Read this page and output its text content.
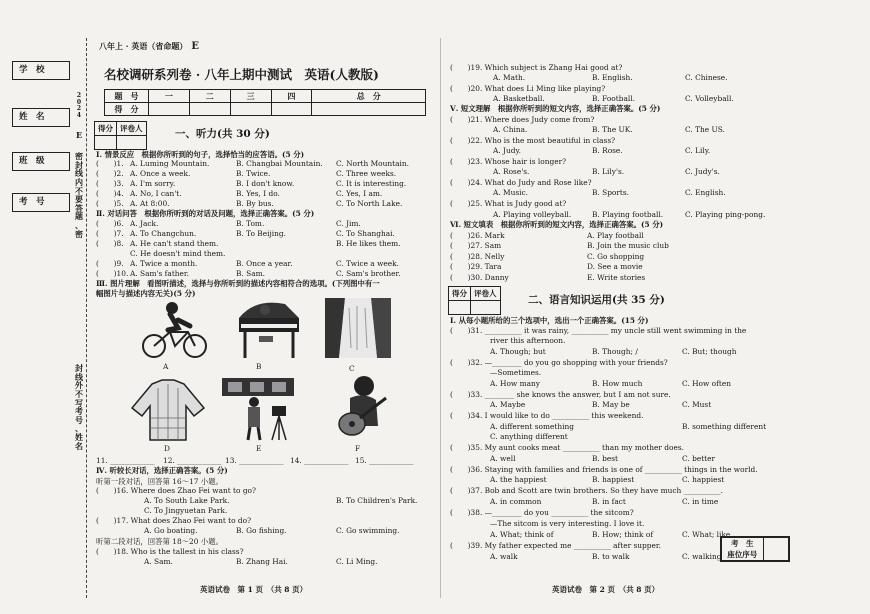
学　校
姓　名
班　级
考　号
2
0
2
4
E
密
封
线
内
不
要
答
题
、
密
封
线
外
不
写
考
号
、
姓
名
八年上 · 英语（省命题）　 E
名校调研系列卷 · 八年上期中测试　英语(人教版)
题　号	一	二	三	四	总　分
得　分					
得分	评卷人
		一、听力(共 30 分)
Ⅰ. 情景反应　根据你所听到的句子，选择恰当的应答语。(5 分)
(　　)1. A. Luming Mountain.	B. Changbai Mountain. C. North Mountain.
(　　)2. A. Once a week.	B. Twice.	C. Three weeks.
(　　)3. A. I'm sorry.	B. I don't know.	C. It is interesting.
(　　)4. A. No, I can't.	B. Yes, I do.	C. Yes, I am.
(　　)5. A. At 8:00.	B. By bus.	C. To North Lake.
Ⅱ. 对话问答　根据你所听到的对话及问题，选择正确答案。(5 分)
(　　)6. A. Jack.	B. Tom.	C. Jim.
(　　)7. A. To Changchun.	B. To Beijing.	C. To Shanghai.
(　　)8. A. He can't stand them.	B. He likes them.
C. He doesn't mind them.
(　　)9. A. Twice a month.	B. Once a year.	C. Twice a week.
(　　)10. A. Sam's father.	B. Sam.	C. Sam's brother.
Ⅲ. 图片理解　看图听描述，选择与你所听到的描述内容相符合的选项。(下列图中有一
幅图片与描述内容无关)(5 分)
C
A	B
D	E	F
11. ____________ 12. ____________ 13. ____________ 14. ____________ 15. ____________
Ⅳ. 听较长对话，选择正确答案。(5 分)
听第一段对话，回答第 16～17 小题。
(　　)16. Where does Zhao Fei want to go?
A. To South Lake Park.	B. To Children's Park.
C. To Jingyuetan Park.
(　　)17. What does Zhao Fei want to do?
A. Go boating.	B. Go fishing.	C. Go swimming.
听第二段对话，回答第 18～20 小题。
(　　)18. Who is the tallest in his class?
A. Sam.	B. Zhang Hai.	C. Li Ming.
英语试卷　第 1 页　（共 8 页）
(　　)19. Which subject is Zhang Hai good at?
A. Math.	B. English.	C. Chinese.
(　　)20. What does Li Ming like playing?
A. Basketball.	B. Football.	C. Volleyball.
Ⅴ. 短文理解　根据你所听到的短文内容，选择正确答案。(5 分)
(　　)21. Where does Judy come from?
A. China.	B. The UK.	C. The US.
(　　)22. Who is the most beautiful in class?
A. Judy.	B. Rose.	C. Lily.
(　　)23. Whose hair is longer?
A. Rose's.	B. Lily's.	C. Judy's.
(　　)24. What do Judy and Rose like?
A. Music.	B. Sports.	C. English.
(　　)25. What is Judy good at?
A. Playing volleyball.	B. Playing football.	C. Playing ping-pong.
Ⅵ. 短文填表　根据你所听到的短文内容，选择正确答案。(5 分)
(　　)26. Mark
(　　)27. Sam
(　　)28. Nelly
(　　)29. Tara
(　　)30. Danny
A. Play football
B. Join the music club
C. Go shopping
D. See a movie
E. Write stories
得分	评卷人

二、语言知识运用(共 35 分)
Ⅰ. 从每小题所给的三个选项中，选出一个正确答案。(15 分)
(　　)31. __________ it was rainy, __________ my uncle still went swimming in the
river this afternoon.
A. Though; but	B. Though; /	C. But; though
(　　)32. —________ do you go shopping with your friends?
—Sometimes.
A. How many	B. How much	C. How often
(　　)33. ________ she knows the answer, but I am not sure.
A. Maybe	B. May be	C. Must
(　　)34. I would like to do __________ this weekend.
A. different something	B. something different
C. anything different
(　　)35. My aunt cooks meat __________ than my mother does.
A. well	B. best	C. better
(　　)36. Staying with families and friends is one of __________ things in the world.
A. the happiest	B. happiest	C. happiest
(　　)37. Bob and Scott are twin brothers. So they have much __________.
A. in common	B. in fact	C. in time
(　　)38. —________ do you __________ the sitcom?
—The sitcom is very interesting. I love it.
A. What; think of	B. How; think of	C. What; like
(　　)39. My father expected me __________ after supper.
A. walk	B. to walk	C. walking
考　生	
座位序号
英语试卷　第 2 页　（共 8 页）
